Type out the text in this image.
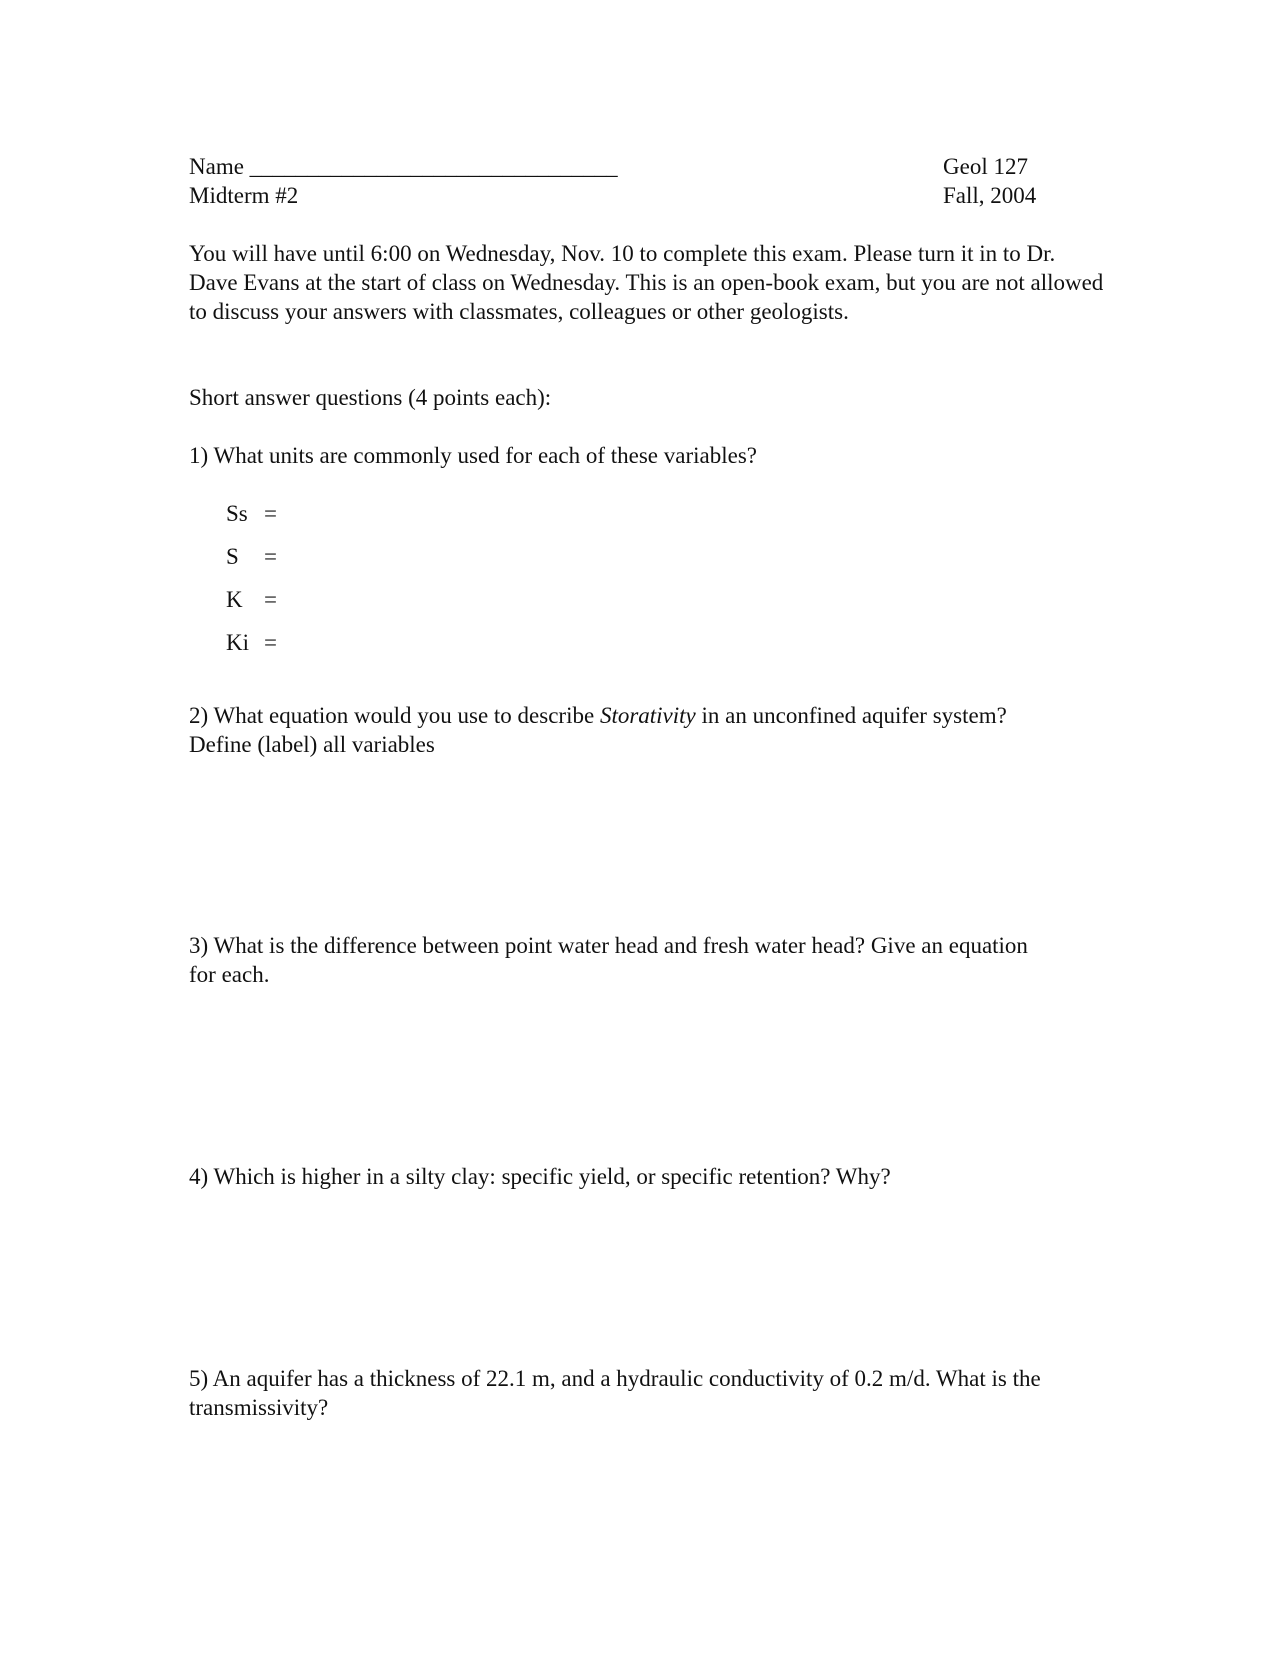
Name ________________________________
Midterm #2
Geol 127
Fall, 2004
You will have until 6:00 on Wednesday, Nov. 10 to complete this exam. Please turn it in to Dr. Dave Evans at the start of class on Wednesday. This is an open-book exam, but you are not allowed to discuss your answers with classmates, colleagues or other geologists.
Short answer questions (4 points each):
1) What units are commonly used for each of these variables?
Ss =
S =
K =
Ki =
2) What equation would you use to describe Storativity in an unconfined aquifer system?
Define (label) all variables
3) What is the difference between point water head and fresh water head? Give an equation for each.
4) Which is higher in a silty clay: specific yield, or specific retention? Why?
5) An aquifer has a thickness of 22.1 m, and a hydraulic conductivity of 0.2 m/d. What is the transmissivity?
